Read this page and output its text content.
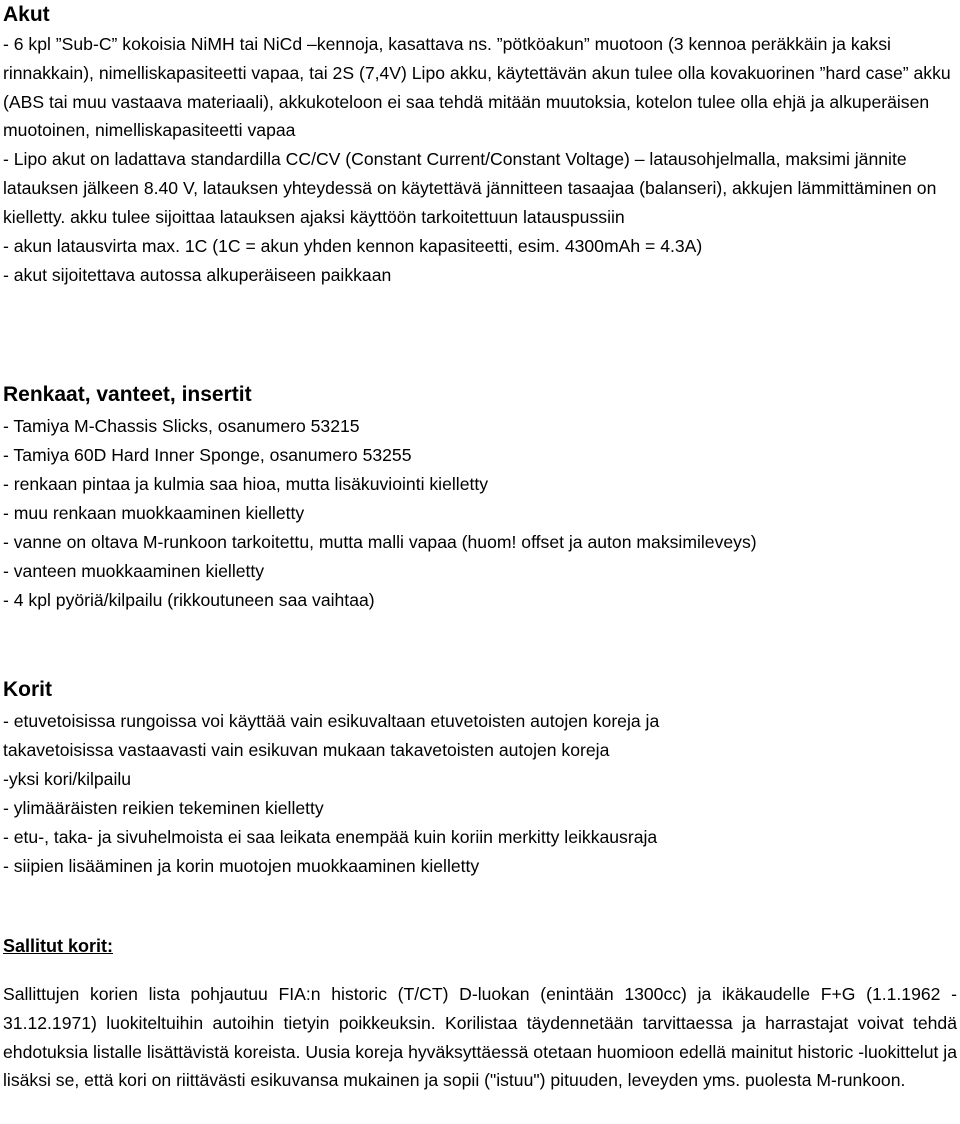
Akut

- 6 kpl ”Sub-C” kokoisia NiMH tai NiCd –kennoja, kasattava ns. ”pötköakun” muotoon (3 kennoa peräkkäin ja kaksi rinnakkain), nimelliskapasiteetti vapaa, tai 2S (7,4V) Lipo akku, käytettävän akun tulee olla kovakuorinen ”hard case” akku (ABS tai muu vastaava materiaali), akkukoteloon ei saa tehdä mitään muutoksia, kotelon tulee olla ehjä ja alkuperäisen muotoinen, nimelliskapasiteetti vapaa

- Lipo akut on ladattava standardilla CC/CV (Constant Current/Constant Voltage) – latausohjelmalla, maksimi jännite latauksen jälkeen 8.40 V, latauksen yhteydessä on käytettävä jännitteen tasaajaa (balanseri), akkujen lämmittäminen on kielletty. akku tulee sijoittaa latauksen ajaksi käyttöön tarkoitettuun latauspussiin

- akun latausvirta max. 1C (1C = akun yhden kennon kapasiteetti, esim. 4300mAh = 4.3A)

- akut sijoitettava autossa alkuperäiseen paikkaan

Renkaat, vanteet, insertit

- Tamiya M-Chassis Slicks, osanumero 53215

- Tamiya 60D Hard Inner Sponge, osanumero 53255

- renkaan pintaa ja kulmia saa hioa, mutta lisäkuviointi kielletty

- muu renkaan muokkaaminen kielletty

- vanne on oltava M-runkoon tarkoitettu, mutta malli vapaa (huom! offset ja auton maksimileveys)

- vanteen muokkaaminen kielletty

- 4 kpl pyöriä/kilpailu (rikkoutuneen saa vaihtaa)

Korit

- etuvetoisissa rungoissa voi käyttää vain esikuvaltaan etuvetoisten autojen koreja ja

takavetoisissa vastaavasti vain esikuvan mukaan takavetoisten autojen koreja

-yksi kori/kilpailu

- ylimääräisten reikien tekeminen kielletty

- etu-, taka- ja sivuhelmoista ei saa leikata enempää kuin koriin merkitty leikkausraja

- siipien lisääminen ja korin muotojen muokkaaminen kielletty

Sallitut korit:

Sallittujen korien lista pohjautuu FIA:n historic (T/CT) D-luokan (enintään 1300cc) ja ikäkaudelle F+G (1.1.1962 - 31.12.1971) luokiteltuihin autoihin tietyin poikkeuksin. Korilistaa täydennetään tarvittaessa ja harrastajat voivat tehdä ehdotuksia listalle lisättävistä koreista. Uusia koreja hyväksyttäessä otetaan huomioon edellä mainitut historic -luokittelut ja lisäksi se, että kori on riittävästi esikuvansa mukainen ja sopii ("istuu") pituuden, leveyden yms. puolesta M-runkoon.
